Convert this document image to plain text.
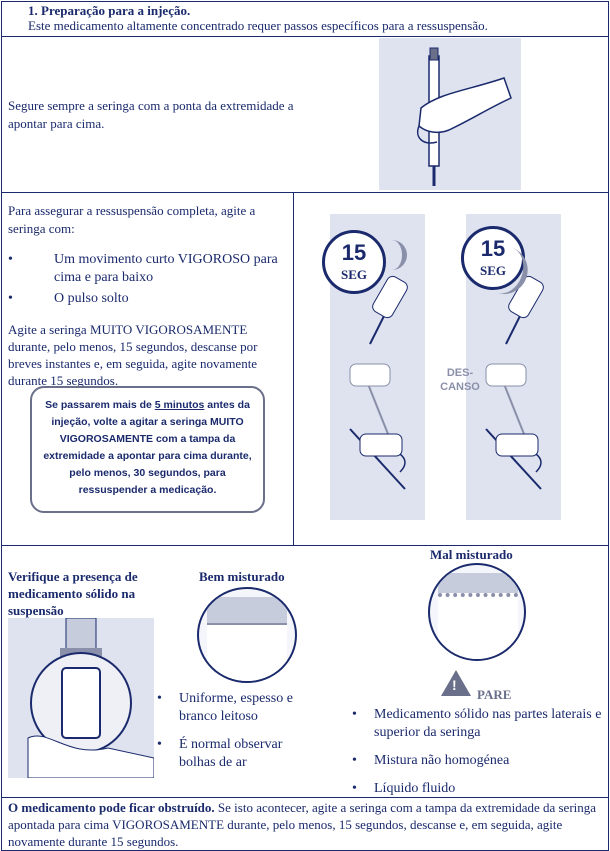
1. Preparação para a injeção.
Este medicamento altamente concentrado requer passos específicos para a ressuspensão.
Segure sempre a seringa com a ponta da extremidade a apontar para cima.
Para assegurar a ressuspensão completa, agite a seringa com:
• Um movimento curto VIGOROSO para cima e para baixo
• O pulso solto
Agite a seringa MUITO VIGOROSAMENTE durante, pelo menos, 15 segundos, descanse por breves instantes e, em seguida, agite novamente durante 15 segundos.
Se passarem mais de 5 minutos antes da injeção, volte a agitar a seringa MUITO VIGOROSAMENTE com a tampa da extremidade a apontar para cima durante, pelo menos, 30 segundos, para ressuspender a medicação.
15
SEG
15
SEG
DES-
CANSO
Verifique a presença de medicamento sólido na suspensão
Bem misturado
• Uniforme, espesso e branco leitoso
• É normal observar bolhas de ar
Mal misturado
!
PARE
• Medicamento sólido nas partes laterais e superior da seringa
• Mistura não homogénea
• Líquido fluido
O medicamento pode ficar obstruído. Se isto acontecer, agite a seringa com a tampa da extremidade da seringa apontada para cima VIGOROSAMENTE durante, pelo menos, 15 segundos, descanse e, em seguida, agite novamente durante 15 segundos.
